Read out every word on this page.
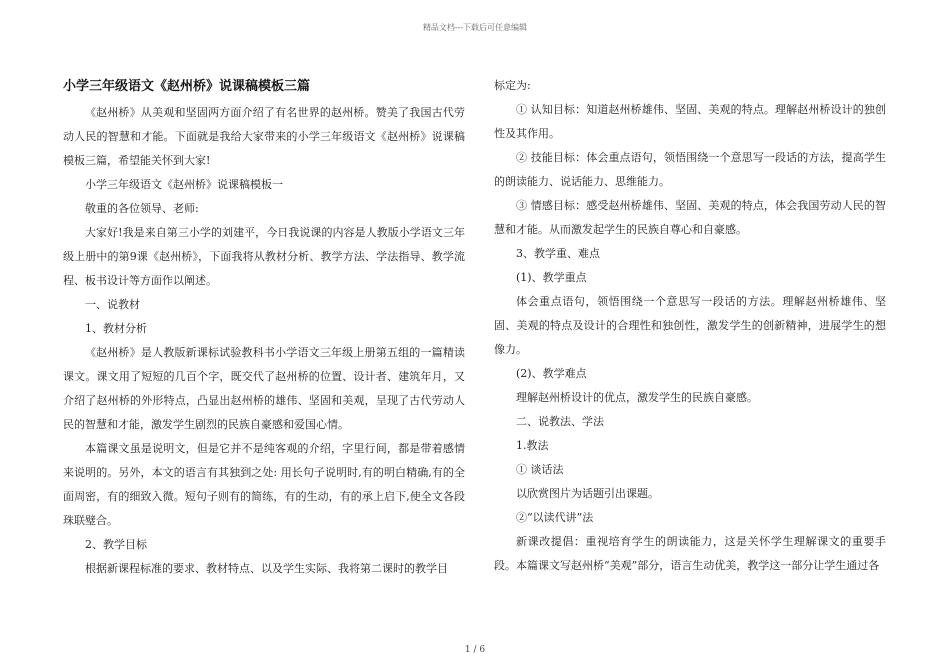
精品文档---下载后可任意编辑
小学三年级语文《赵州桥》说课稿模板三篇

《赵州桥》从美观和坚固两方面介绍了有名世界的赵州桥。赞美了我国古代劳动人民的智慧和才能。下面就是我给大家带来的小学三年级语文《赵州桥》说课稿模板三篇，希望能关怀到大家!

小学三年级语文《赵州桥》说课稿模板一

敬重的各位领导、老师:

大家好!我是来自第三小学的刘建平，今日我说课的内容是人教版小学语文三年级上册中的第9课《赵州桥》，下面我将从教材分析、教学方法、学法指导、教学流程、板书设计等方面作以阐述。

一、说教材

1、教材分析

《赵州桥》是人教版新课标试验教科书小学语文三年级上册第五组的一篇精读课文。课文用了短短的几百个字，既交代了赵州桥的位置、设计者、建筑年月，又介绍了赵州桥的外形特点，凸显出赵州桥的雄伟、坚固和美观，呈现了古代劳动人民的智慧和才能，激发学生剧烈的民族自豪感和爱国心情。

本篇课文虽是说明文，但是它并不是纯客观的介绍，字里行间，都是带着感情来说明的。另外，本文的语言有其独到之处: 用长句子说明时,有的明白精确,有的全面周密，有的细致入微。短句子则有的简练，有的生动，有的承上启下,使全文各段珠联璧合。

2、教学目标

根据新课程标准的要求、教材特点、以及学生实际、我将第二课时的教学目

标定为:

① 认知目标：知道赵州桥雄伟、坚固、美观的特点。理解赵州桥设计的独创性及其作用。

② 技能目标：体会重点语句，领悟围绕一个意思写一段话的方法，提高学生的朗读能力、说话能力、思维能力。

③ 情感目标：感受赵州桥雄伟、坚固、美观的特点，体会我国劳动人民的智慧和才能。从而激发起学生的民族自尊心和自豪感。

3、教学重、难点

(1)、教学重点

体会重点语句，领悟围绕一个意思写一段话的方法。理解赵州桥雄伟、坚固、美观的特点及设计的合理性和独创性，激发学生的创新精神，进展学生的想像力。

(2)、教学难点

理解赵州桥设计的优点，激发学生的民族自豪感。

二、说教法、学法

1.教法

① 谈话法

以欣赏图片为话题引出课题。

②“以读代讲”法

新课改提倡：重视培育学生的朗读能力，这是关怀学生理解课文的重要手段。本篇课文写赵州桥“美观”部分，语言生动优美，教学这一部分让学生通过各

1 / 6
